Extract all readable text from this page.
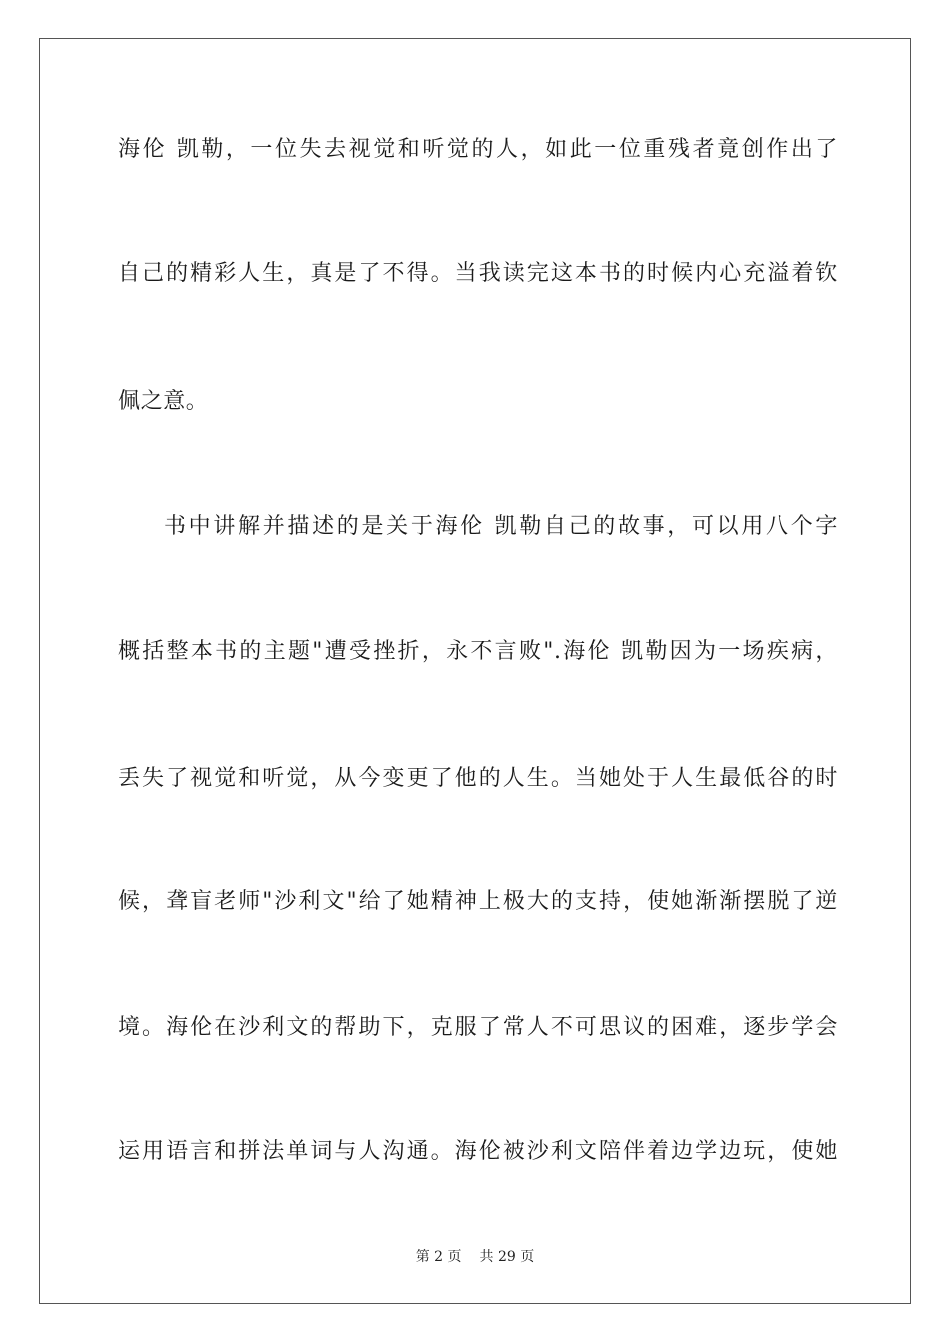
海伦 凯勒，一位失去视觉和听觉的人，如此一位重残者竟创作出了
自己的精彩人生，真是了不得。当我读完这本书的时候内心充溢着钦
佩之意。
书中讲解并描述的是关于海伦 凯勒自己的故事，可以用八个字
概括整本书的主题"遭受挫折，永不言败".海伦 凯勒因为一场疾病，
丢失了视觉和听觉，从今变更了他的人生。当她处于人生最低谷的时
候，聋盲老师"沙利文"给了她精神上极大的支持，使她渐渐摆脱了逆
境。海伦在沙利文的帮助下，克服了常人不可思议的困难，逐步学会
运用语言和拼法单词与人沟通。海伦被沙利文陪伴着边学边玩，使她
第 2 页 共 29 页
